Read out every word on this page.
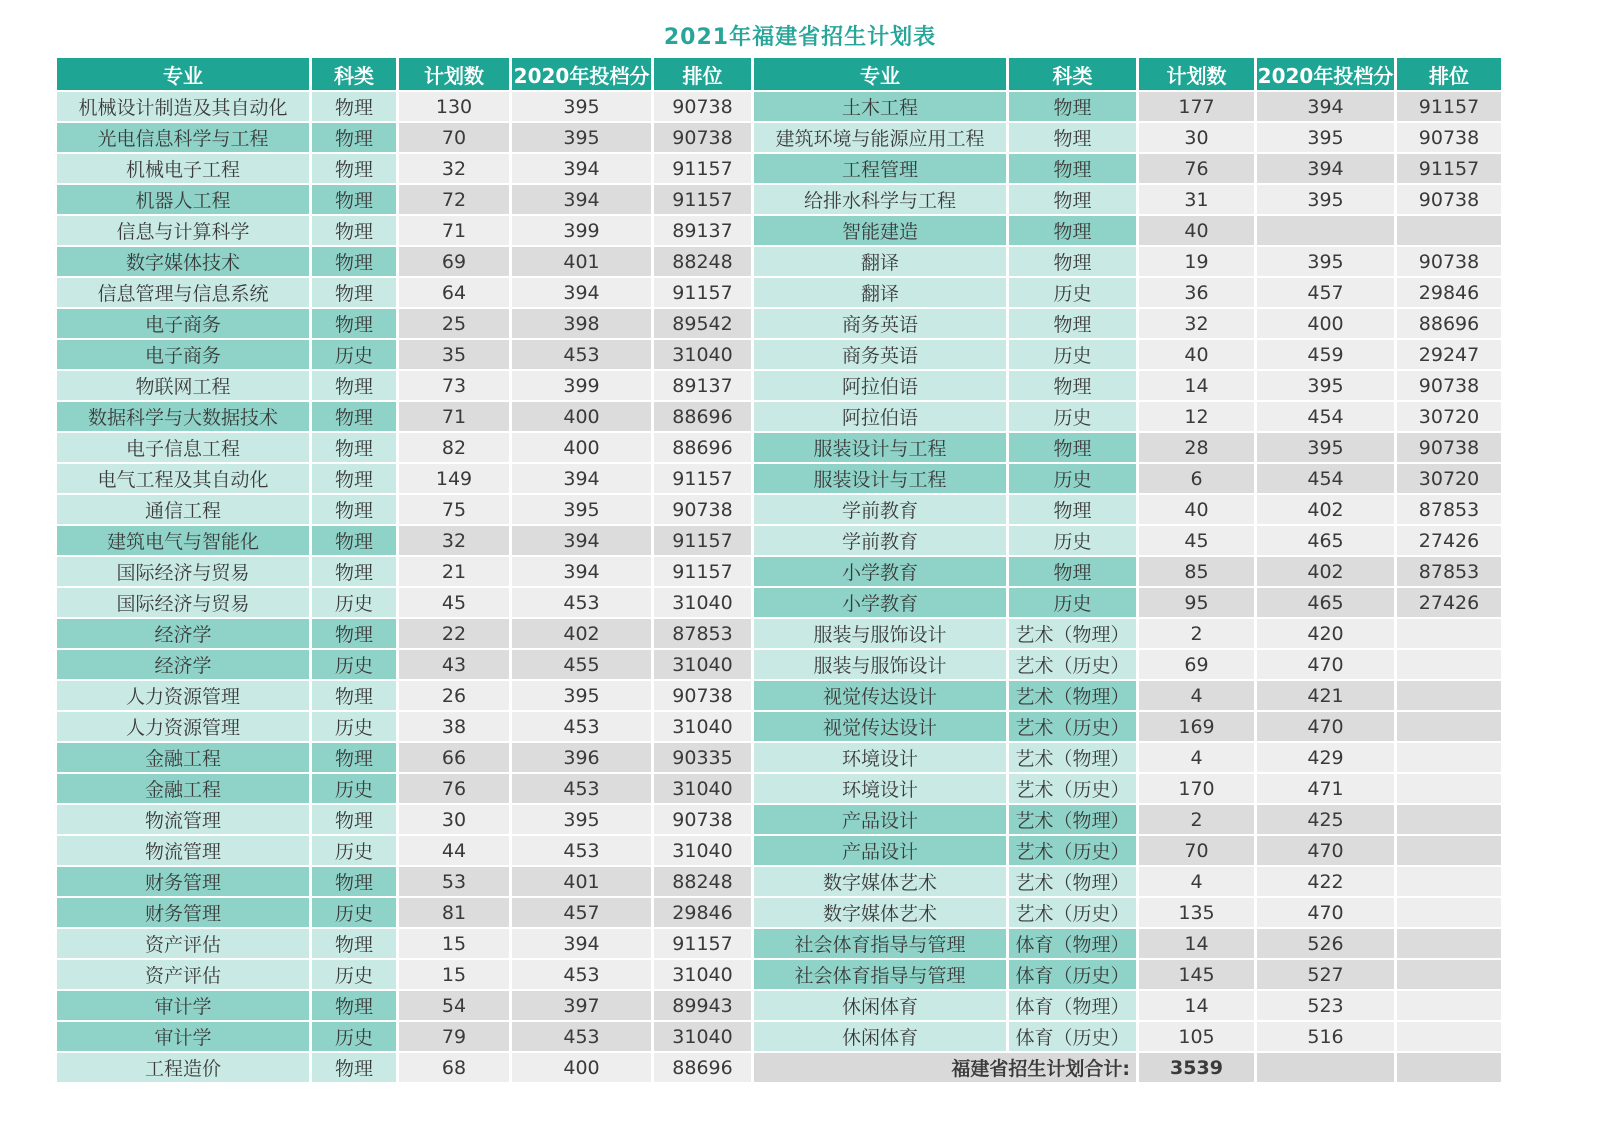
2021年福建省招生计划表
专业	科类	计划数	2020年投档分	排位	专业	科类	计划数	2020年投档分	排位
机械设计制造及其自动化	物理	130	395	90738	土木工程	物理	177	394	91157
光电信息科学与工程	物理	70	395	90738	建筑环境与能源应用工程	物理	30	395	90738
机械电子工程	物理	32	394	91157	工程管理	物理	76	394	91157
机器人工程	物理	72	394	91157	给排水科学与工程	物理	31	395	90738
信息与计算科学	物理	71	399	89137	智能建造	物理	40		
数字媒体技术	物理	69	401	88248	翻译	物理	19	395	90738
信息管理与信息系统	物理	64	394	91157	翻译	历史	36	457	29846
电子商务	物理	25	398	89542	商务英语	物理	32	400	88696
电子商务	历史	35	453	31040	商务英语	历史	40	459	29247
物联网工程	物理	73	399	89137	阿拉伯语	物理	14	395	90738
数据科学与大数据技术	物理	71	400	88696	阿拉伯语	历史	12	454	30720
电子信息工程	物理	82	400	88696	服装设计与工程	物理	28	395	90738
电气工程及其自动化	物理	149	394	91157	服装设计与工程	历史	6	454	30720
通信工程	物理	75	395	90738	学前教育	物理	40	402	87853
建筑电气与智能化	物理	32	394	91157	学前教育	历史	45	465	27426
国际经济与贸易	物理	21	394	91157	小学教育	物理	85	402	87853
国际经济与贸易	历史	45	453	31040	小学教育	历史	95	465	27426
经济学	物理	22	402	87853	服装与服饰设计	艺术（物理）	2	420	
经济学	历史	43	455	31040	服装与服饰设计	艺术（历史）	69	470	
人力资源管理	物理	26	395	90738	视觉传达设计	艺术（物理）	4	421	
人力资源管理	历史	38	453	31040	视觉传达设计	艺术（历史）	169	470	
金融工程	物理	66	396	90335	环境设计	艺术（物理）	4	429	
金融工程	历史	76	453	31040	环境设计	艺术（历史）	170	471	
物流管理	物理	30	395	90738	产品设计	艺术（物理）	2	425	
物流管理	历史	44	453	31040	产品设计	艺术（历史）	70	470	
财务管理	物理	53	401	88248	数字媒体艺术	艺术（物理）	4	422	
财务管理	历史	81	457	29846	数字媒体艺术	艺术（历史）	135	470	
资产评估	物理	15	394	91157	社会体育指导与管理	体育（物理）	14	526	
资产评估	历史	15	453	31040	社会体育指导与管理	体育（历史）	145	527	
审计学	物理	54	397	89943	休闲体育	体育（物理）	14	523	
审计学	历史	79	453	31040	休闲体育	体育（历史）	105	516	
工程造价	物理	68	400	88696	福建省招生计划合计:		3539		
